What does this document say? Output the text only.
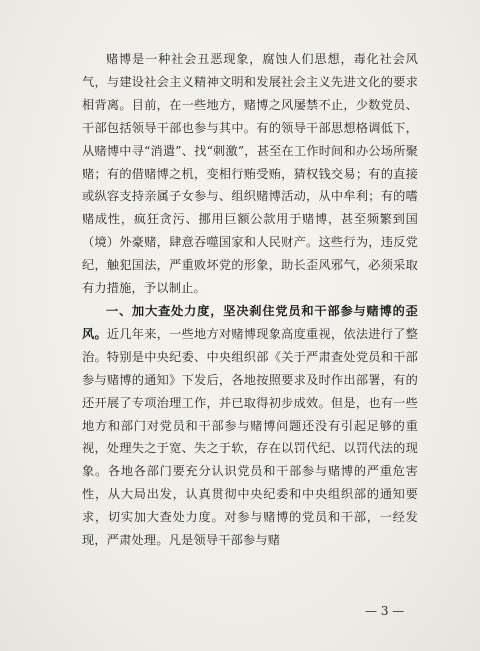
赌博是一种社会丑恶现象，腐蚀人们思想，毒化社会风气，与建设社会主义精神文明和发展社会主义先进文化的要求相背离。目前，在一些地方，赌博之风屡禁不止，少数党员、干部包括领导干部也参与其中。有的领导干部思想格调低下，从赌博中寻“消遣”、找“刺激”，甚至在工作时间和办公场所聚赌；有的借赌博之机，变相行贿受贿，猜权钱交易；有的直接或纵容支持亲属子女参与、组织赌博活动，从中牟利；有的嗜赌成性，疯狂贪污、挪用巨额公款用于赌博，甚至频繁到国（境）外豪赌，肆意吞噬国家和人民财产。这些行为，违反党纪，触犯国法，严重败坏党的形象，助长歪风邪气，必须采取有力措施，予以制止。

一、加大查处力度，坚决刹住党员和干部参与赌博的歪风。近几年来，一些地方对赌博现象高度重视，依法进行了整治。特别是中央纪委、中央组织部《关于严肃查处党员和干部参与赌博的通知》下发后，各地按照要求及时作出部署，有的还开展了专项治理工作，并已取得初步成效。但是，也有一些地方和部门对党员和干部参与赌博问题还没有引起足够的重视，处理失之于宽、失之于软，存在以罚代纪、以罚代法的现象。各地各部门要充分认识党员和干部参与赌博的严重危害性，从大局出发，认真贯彻中央纪委和中央组织部的通知要求，切实加大查处力度。对参与赌博的党员和干部，一经发现，严肃处理。凡是领导干部参与赌

— 3 —
